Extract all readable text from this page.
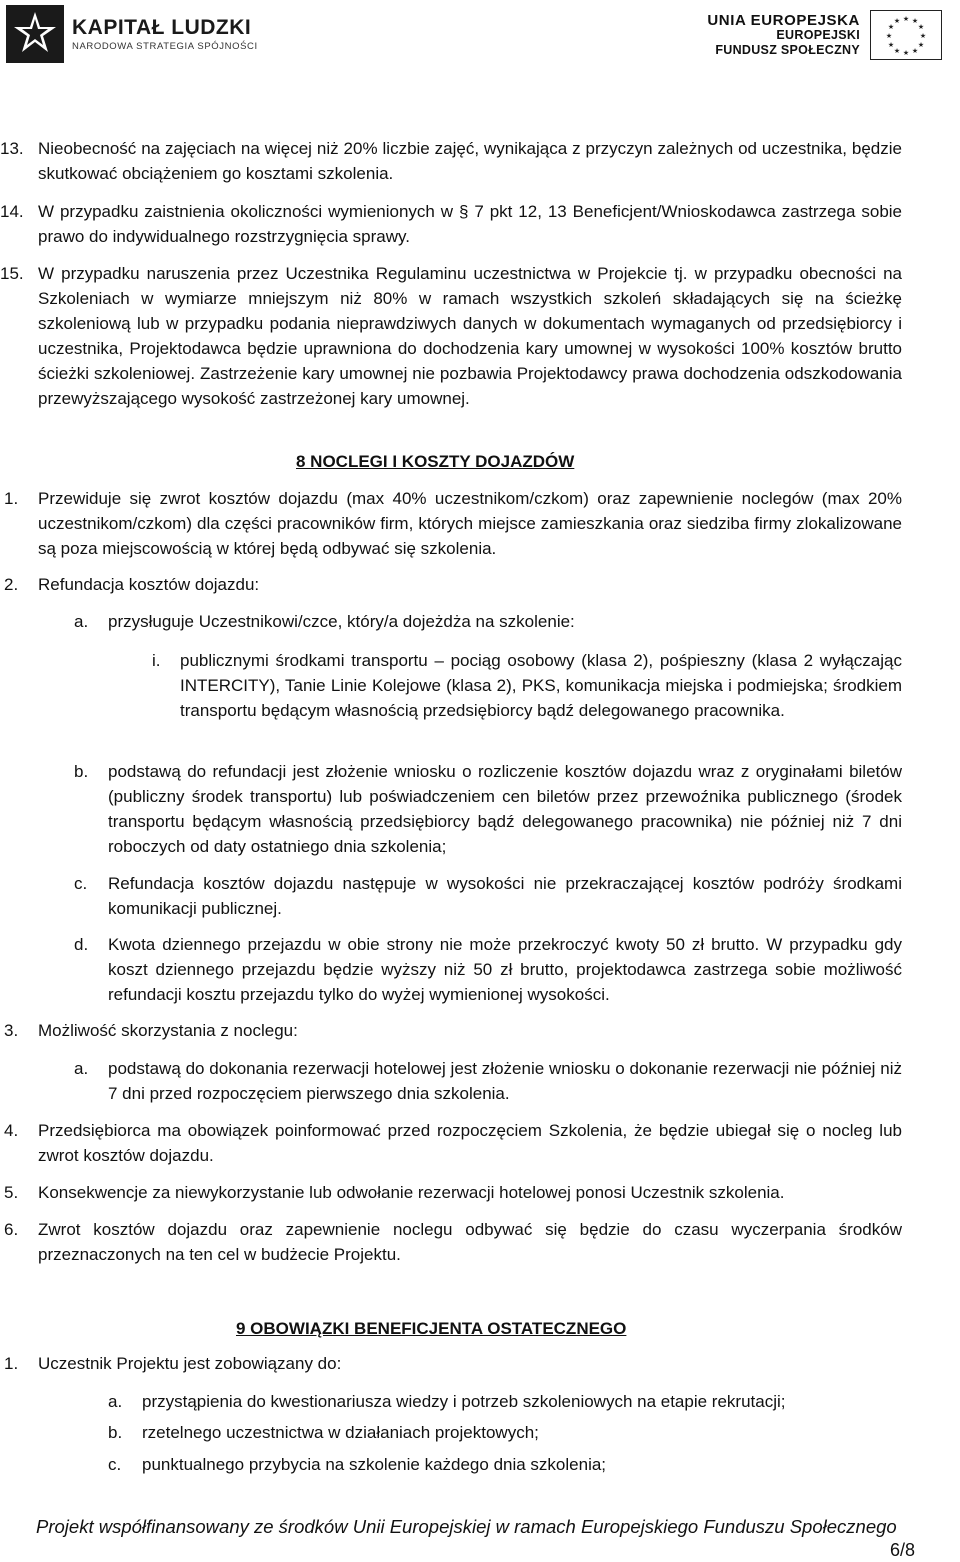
KAPITAŁ LUDZKI
NARODOWA STRATEGIA SPÓJNOŚCI
UNIA EUROPEJSKA
EUROPEJSKI
FUNDUSZ SPOŁECZNY
★ ★
★
★
★
★
★
★
★
★
★
★
13. Nieobecność na zajęciach na więcej niż 20% liczbie zajęć, wynikająca z przyczyn zależnych od uczestnika, będzie skutkować obciążeniem go kosztami szkolenia.
14. W przypadku zaistnienia okoliczności wymienionych w § 7 pkt 12, 13 Beneficjent/Wnioskodawca zastrzega sobie prawo do indywidualnego rozstrzygnięcia sprawy.
15. W przypadku naruszenia przez Uczestnika Regulaminu uczestnictwa w Projekcie tj. w przypadku obecności na Szkoleniach w wymiarze mniejszym niż 80% w ramach wszystkich szkoleń składających się na ścieżkę szkoleniową lub w przypadku podania nieprawdziwych danych w dokumentach wymaganych od przedsiębiorcy i uczestnika, Projektodawca będzie uprawniona do dochodzenia kary umownej w wysokości 100% kosztów brutto ścieżki szkoleniowej. Zastrzeżenie kary umownej nie pozbawia Projektodawcy prawa dochodzenia odszkodowania przewyższającego wysokość zastrzeżonej kary umownej.
8 NOCLEGI I KOSZTY DOJAZDÓW
1. Przewiduje się zwrot kosztów dojazdu (max 40% uczestnikom/czkom) oraz zapewnienie noclegów (max 20% uczestnikom/czkom) dla części pracowników firm, których miejsce zamieszkania oraz siedziba firmy zlokalizowane są poza miejscowością w której będą odbywać się szkolenia.
2. Refundacja kosztów dojazdu:
a. przysługuje Uczestnikowi/czce, który/a dojeżdża na szkolenie:
i. publicznymi środkami transportu – pociąg osobowy (klasa 2), pośpieszny (klasa 2 wyłączając INTERCITY), Tanie Linie Kolejowe (klasa 2), PKS, komunikacja miejska i podmiejska; środkiem transportu będącym własnością przedsiębiorcy bądź delegowanego pracownika.
b. podstawą do refundacji jest złożenie wniosku o rozliczenie kosztów dojazdu wraz z oryginałami biletów (publiczny środek transportu) lub poświadczeniem cen biletów przez przewoźnika publicznego (środek transportu będącym własnością przedsiębiorcy bądź delegowanego pracownika) nie później niż 7 dni roboczych od daty ostatniego dnia szkolenia;
c. Refundacja kosztów dojazdu następuje w wysokości nie przekraczającej kosztów podróży środkami komunikacji publicznej.
d. Kwota dziennego przejazdu w obie strony nie może przekroczyć kwoty 50 zł brutto. W przypadku gdy koszt dziennego przejazdu będzie wyższy niż 50 zł brutto, projektodawca zastrzega sobie możliwość refundacji kosztu przejazdu tylko do wyżej wymienionej wysokości.
3. Możliwość skorzystania z noclegu:
a. podstawą do dokonania rezerwacji hotelowej jest złożenie wniosku o dokonanie rezerwacji nie później niż 7 dni przed rozpoczęciem pierwszego dnia szkolenia.
4. Przedsiębiorca ma obowiązek poinformować przed rozpoczęciem Szkolenia, że będzie ubiegał się o nocleg lub zwrot kosztów dojazdu.
5. Konsekwencje za niewykorzystanie lub odwołanie rezerwacji hotelowej ponosi Uczestnik szkolenia.
6. Zwrot kosztów dojazdu oraz zapewnienie noclegu odbywać się będzie do czasu wyczerpania środków przeznaczonych na ten cel w budżecie Projektu.
9 OBOWIĄZKI BENEFICJENTA OSTATECZNEGO
1. Uczestnik Projektu jest zobowiązany do:
a. przystąpienia do kwestionariusza wiedzy i potrzeb szkoleniowych na etapie rekrutacji;
b. rzetelnego uczestnictwa w działaniach projektowych;
c. punktualnego przybycia na szkolenie każdego dnia szkolenia;
Projekt współfinansowany ze środków Unii Europejskiej w ramach Europejskiego Funduszu Społecznego
6/8
